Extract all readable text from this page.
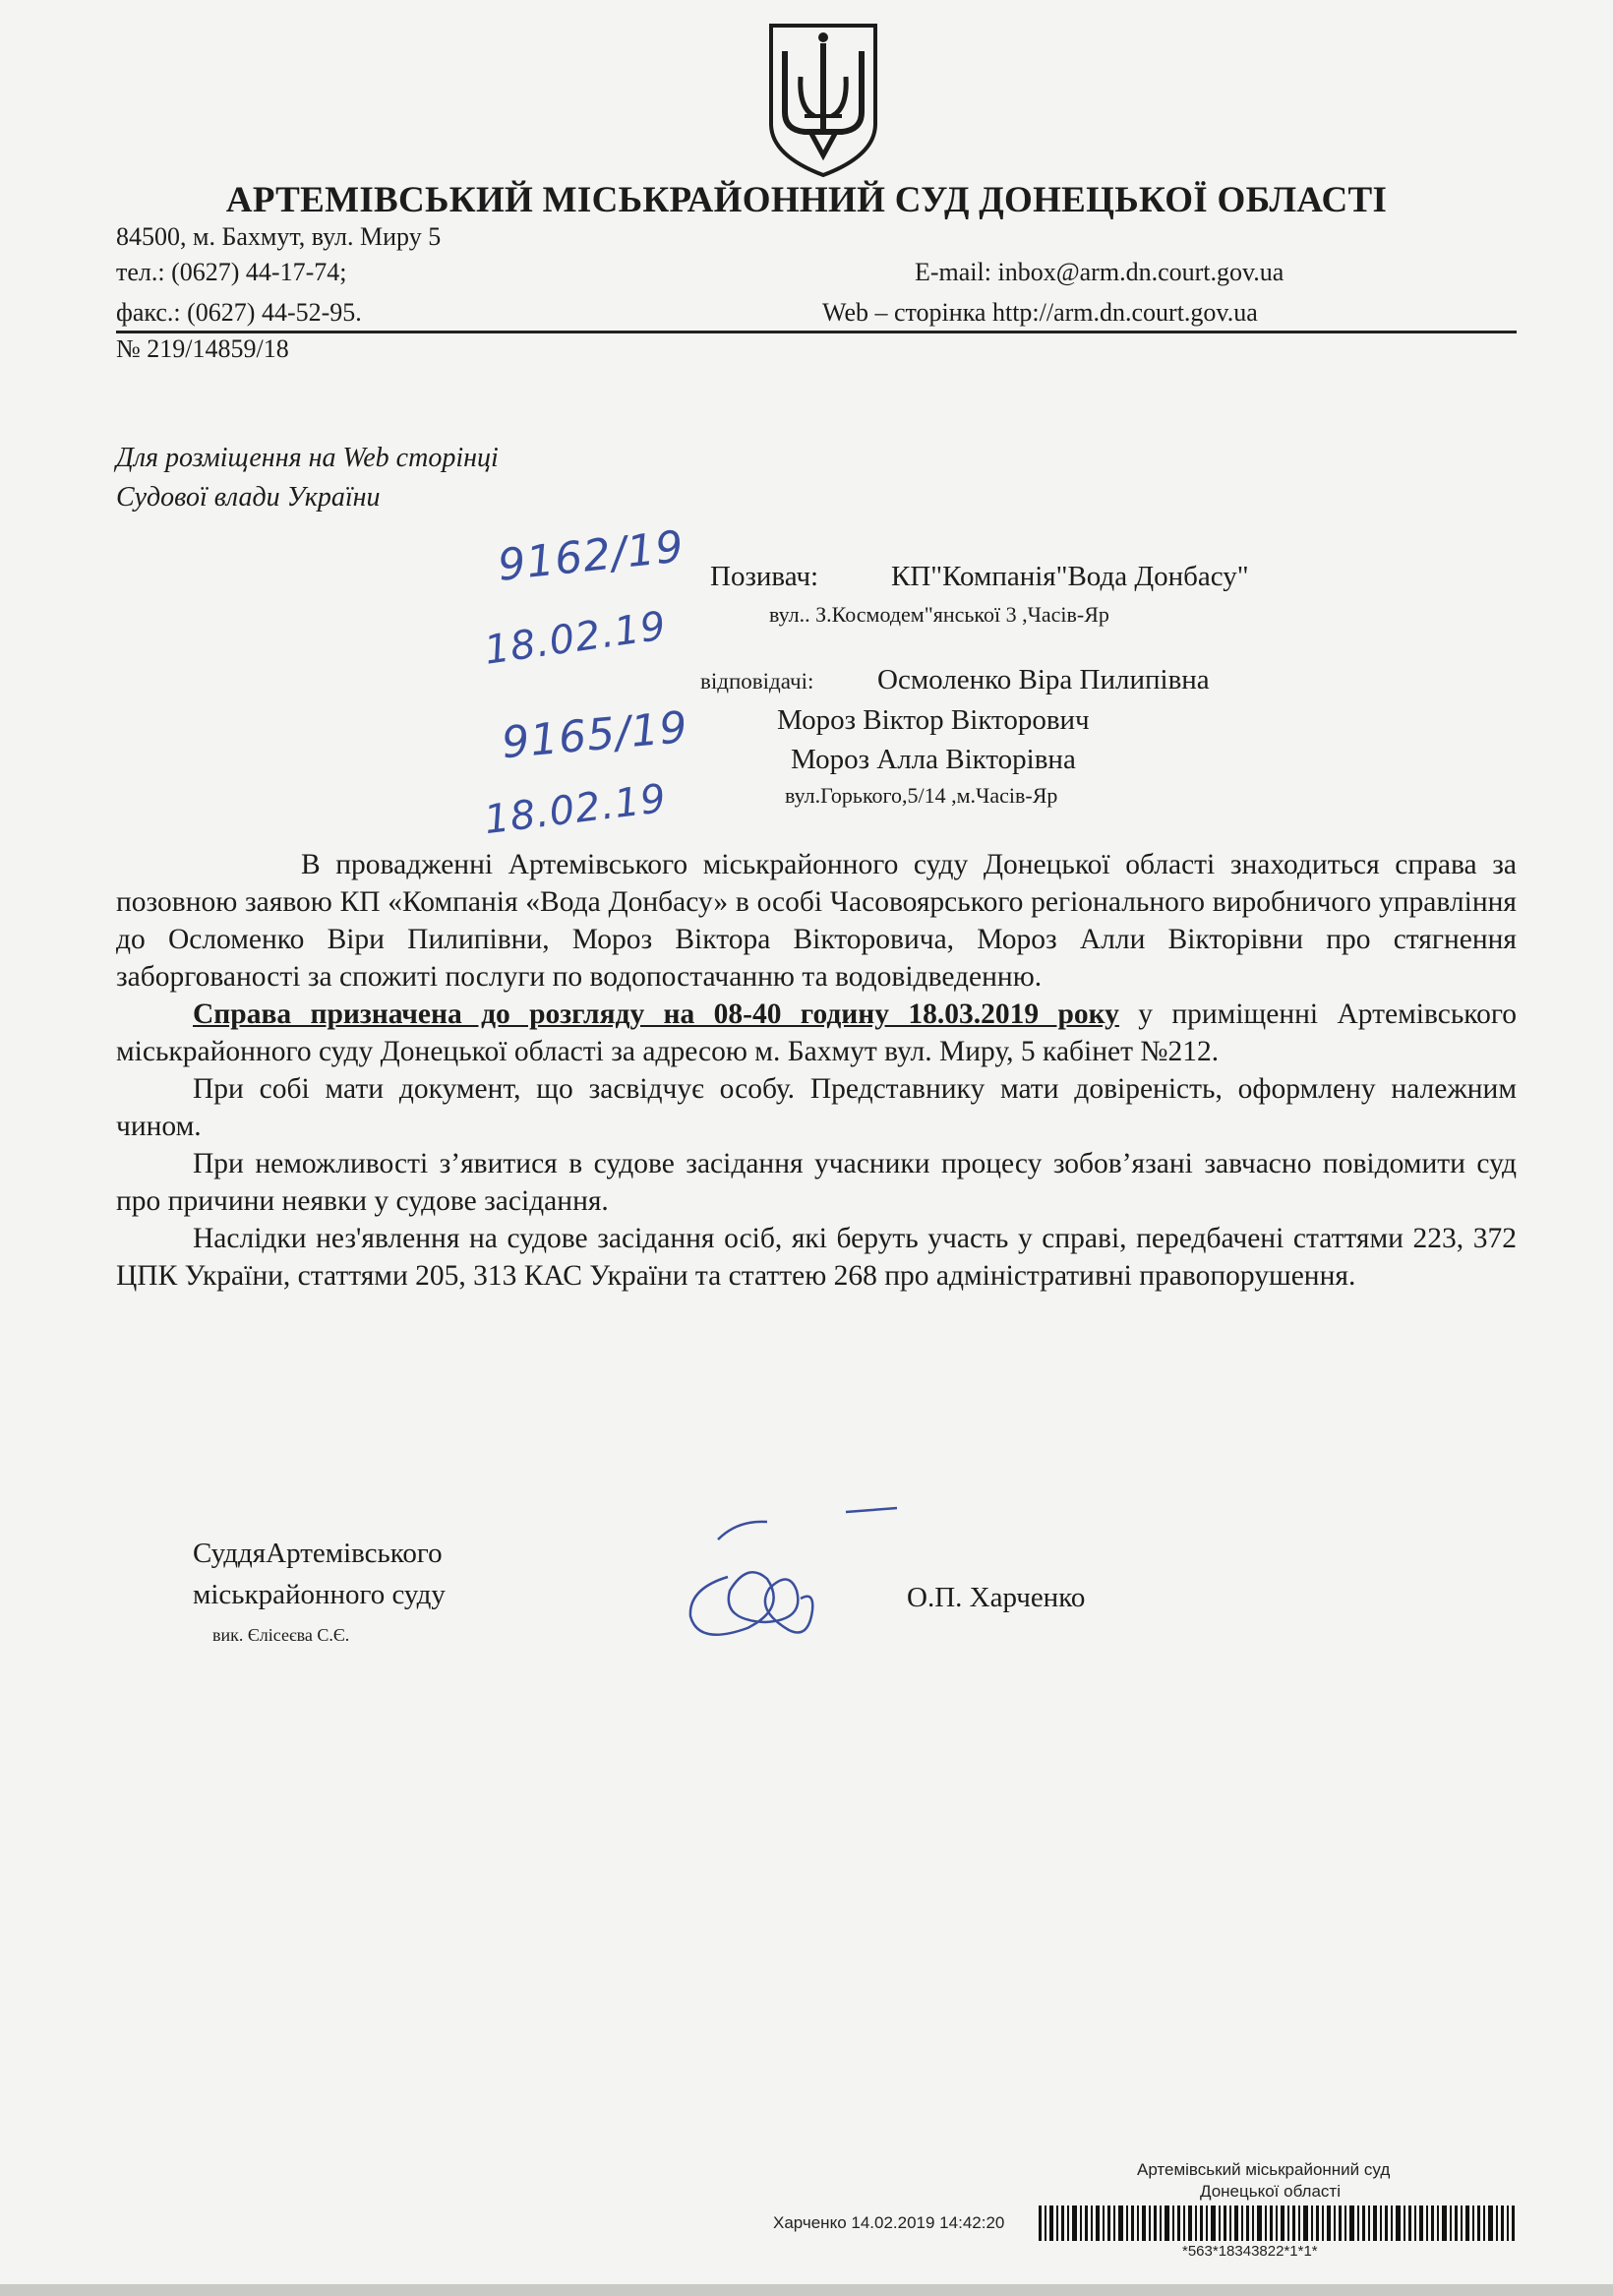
АРТЕМІВСЬКИЙ МІСЬКРАЙОННИЙ СУД ДОНЕЦЬКОЇ ОБЛАСТІ
84500, м. Бахмут, вул. Миру 5
тел.: (0627) 44-17-74;	E-mail: inbox@arm.dn.court.gov.ua
факс.: (0627) 44-52-95.	Web – сторінка http://arm.dn.court.gov.ua
№ 219/14859/18
Для розміщення на Web сторінці
Судової влади України
9162/19
18.02.19
9165/19
18.02.19
Позивач:	КП"Компанія"Вода Донбасу"
вул.. З.Космодем"янської 3 ,Часів-Яр
відповідачі: Осмоленко Віра Пилипівна
Мороз Віктор Вікторович
Мороз Алла Вікторівна
вул.Горького,5/14 ,м.Часів-Яр

В провадженні Артемівського міськрайонного суду Донецької області знаходиться справа за позовною заявою КП «Компанія «Вода Донбасу» в особі Часовоярського регіонального виробничого управління до Осломенко Віри Пилипівни, Мороз Віктора Вікторовича, Мороз Алли Вікторівни про стягнення заборгованості за спожиті послуги по водопостачанню та водовідведенню.

Справа призначена до розгляду на 08-40 годину 18.03.2019 року у приміщенні Артемівського міськрайонного суду Донецької області за адресою м. Бахмут вул. Миру, 5 кабінет №212.

При собі мати документ, що засвідчує особу. Представнику мати довіреність, оформлену належним чином.

При неможливості з’явитися в судове засідання учасники процесу зобов’язані завчасно повідомити суд про причини неявки у судове засідання.

Наслідки нез'явлення на судове засідання осіб, які беруть участь у справі, передбачені статтями 223, 372 ЦПК України, статтями 205, 313 КАС України та статтею 268 про адміністративні правопорушення.

СуддяАртемівського
міськрайонного суду
вик. Єлісеєва С.Є.
О.П. Харченко
Артемівський міськрайонний суд
Донецької області
Харченко 14.02.2019 14:42:20
*563*18343822*1*1*
